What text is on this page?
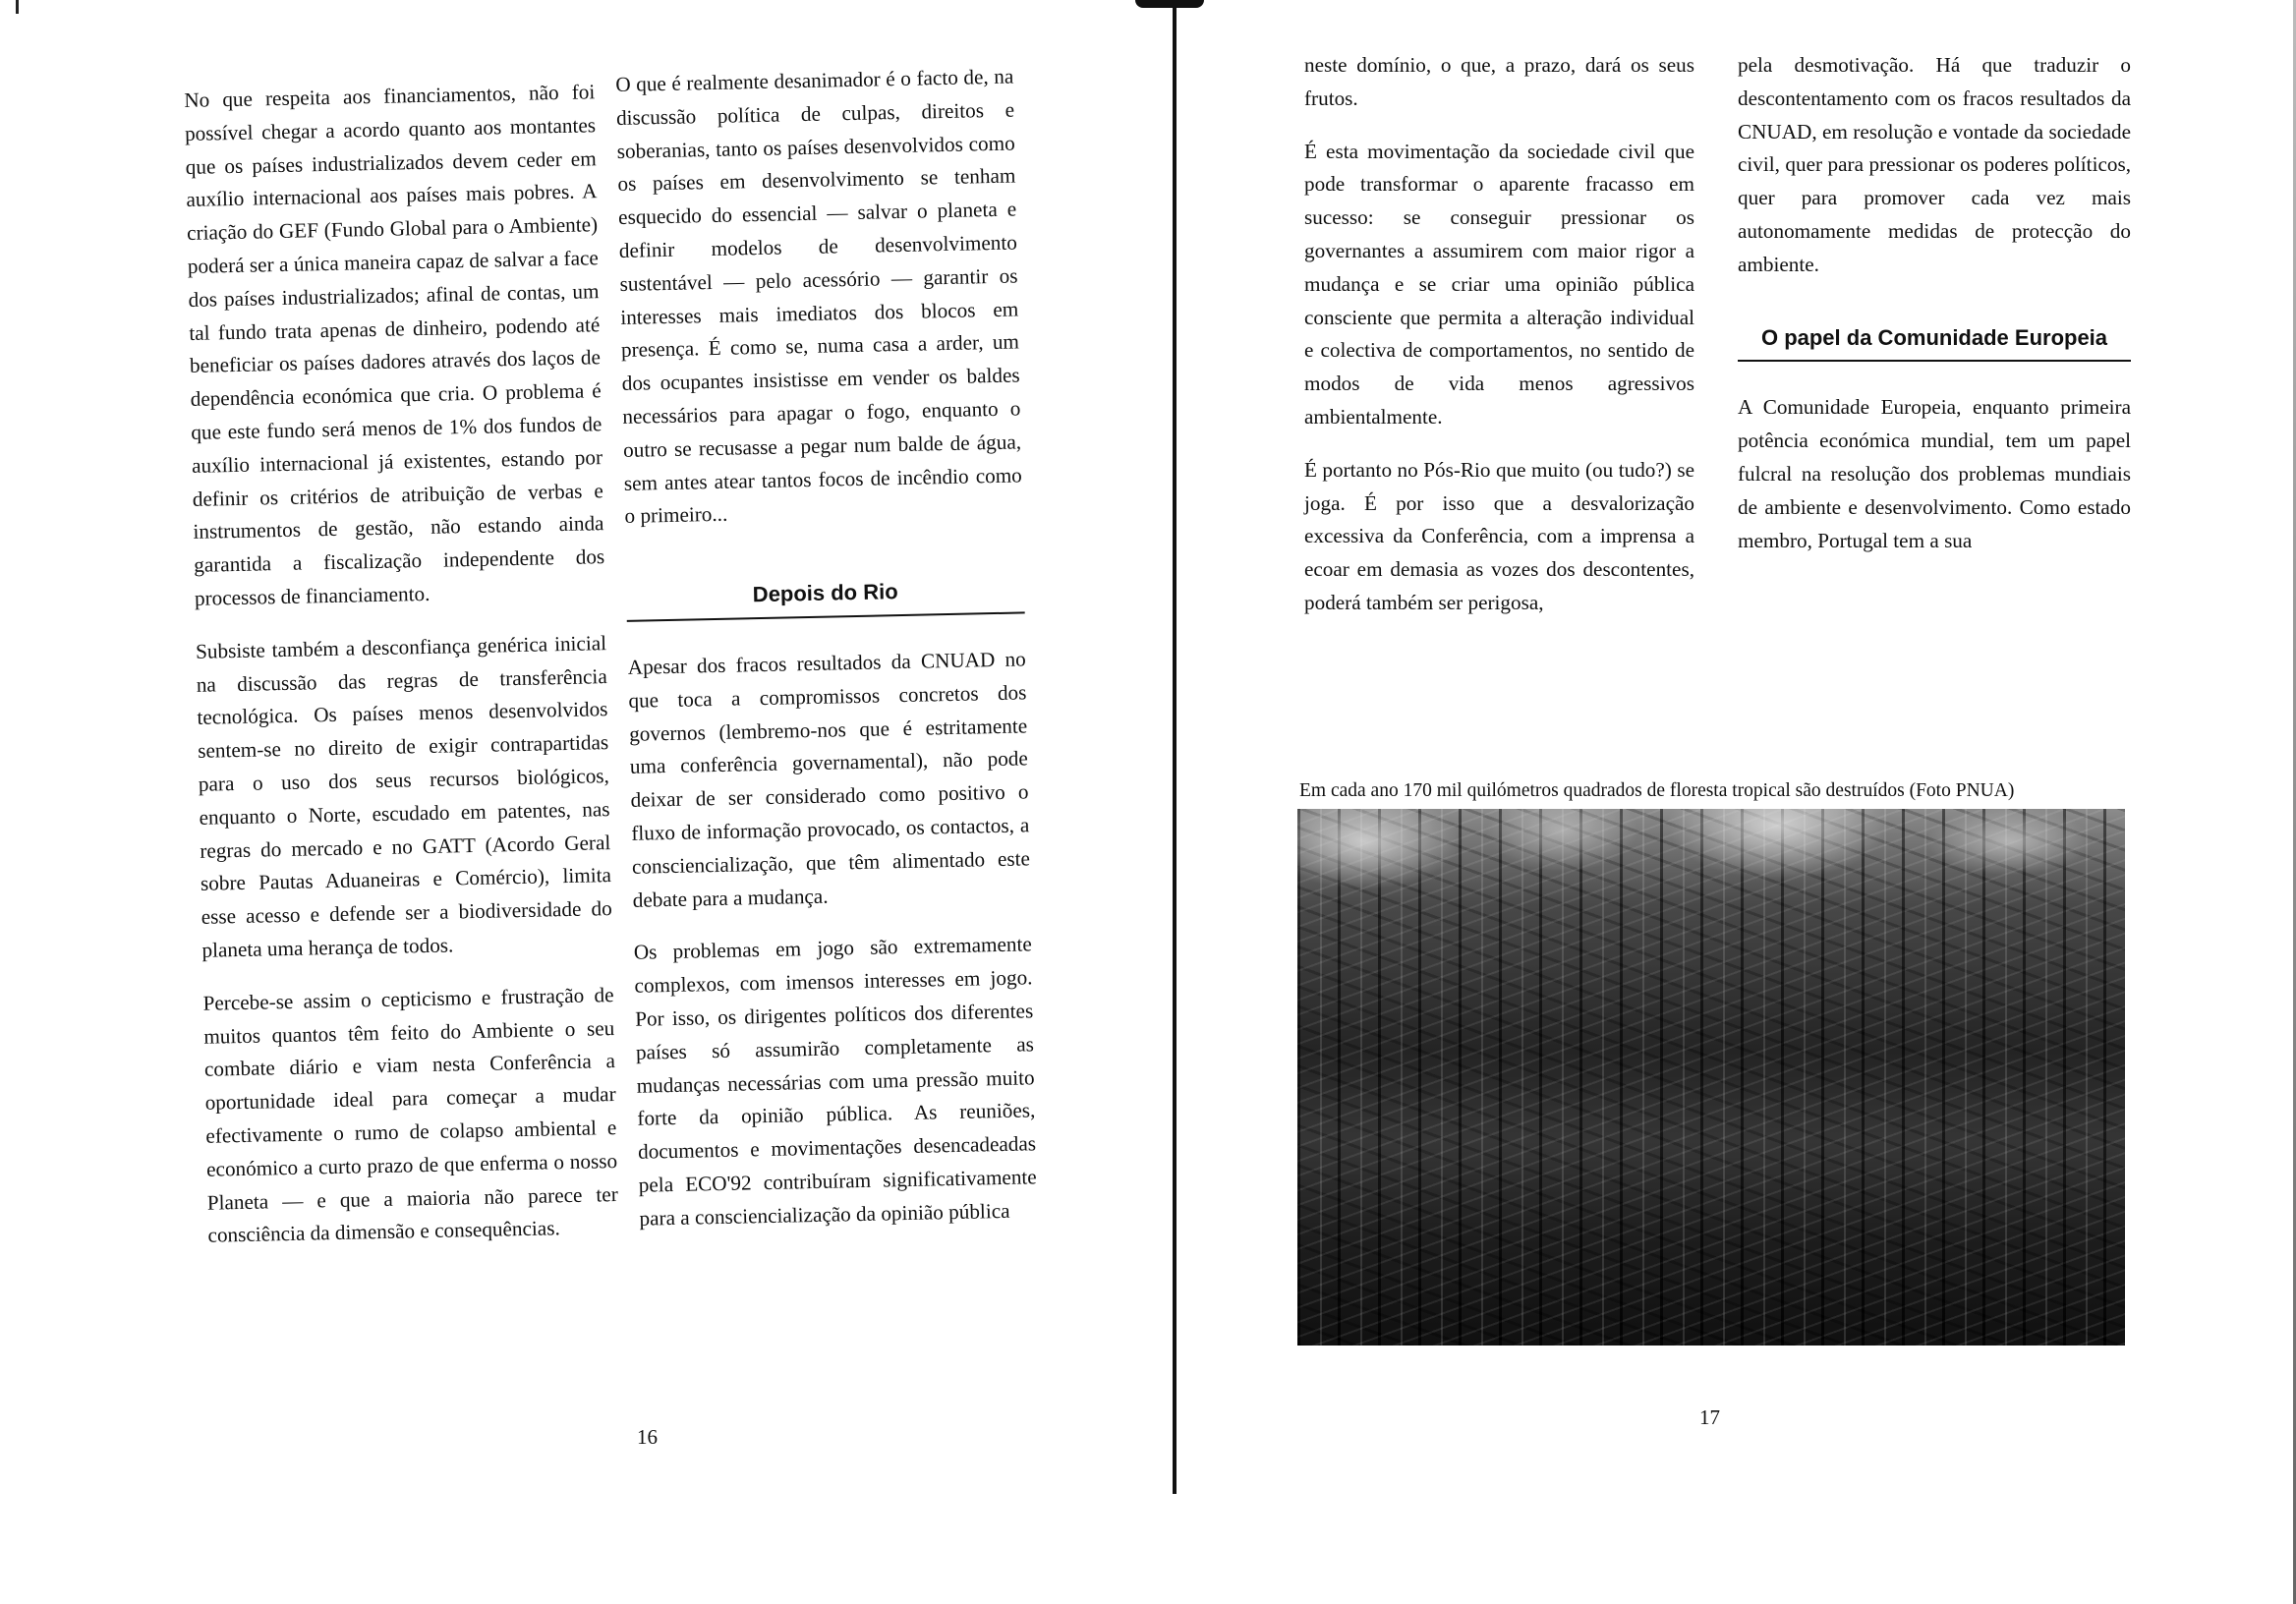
No que respeita aos financiamentos, não foi possível chegar a acordo quanto aos montantes que os países industrializados devem ceder em auxílio internacional aos países mais pobres. A criação do GEF (Fundo Global para o Ambiente) poderá ser a única maneira capaz de salvar a face dos países industrializados; afinal de contas, um tal fundo trata apenas de dinheiro, podendo até beneficiar os países dadores através dos laços de dependência económica que cria. O problema é que este fundo será menos de 1% dos fundos de auxílio internacional já existentes, estando por definir os critérios de atribuição de verbas e instrumentos de gestão, não estando ainda garantida a fiscalização independente dos processos de financiamento.

Subsiste também a desconfiança genérica inicial na discussão das regras de transferência tecnológica. Os países menos desenvolvidos sentem-se no direito de exigir contrapartidas para o uso dos seus recursos biológicos, enquanto o Norte, escudado em patentes, nas regras do mercado e no GATT (Acordo Geral sobre Pautas Aduaneiras e Comércio), limita esse acesso e defende ser a biodiversidade do planeta uma herança de todos.

Percebe-se assim o cepticismo e frustração de muitos quantos têm feito do Ambiente o seu combate diário e viam nesta Conferência a oportunidade ideal para começar a mudar efectivamente o rumo de colapso ambiental e económico a curto prazo de que enferma o nosso Planeta — e que a maioria não parece ter consciência da dimensão e consequências.

O que é realmente desanimador é o facto de, na discussão política de culpas, direitos e soberanias, tanto os países desenvolvidos como os países em desenvolvimento se tenham esquecido do essencial — salvar o planeta e definir modelos de desenvolvimento sustentável — pelo acessório — garantir os interesses mais imediatos dos blocos em presença. É como se, numa casa a arder, um dos ocupantes insistisse em vender os baldes necessários para apagar o fogo, enquanto o outro se recusasse a pegar num balde de água, sem antes atear tantos focos de incêndio como o primeiro...

Depois do Rio

Apesar dos fracos resultados da CNUAD no que toca a compromissos concretos dos governos (lembremo-nos que é estritamente uma conferência governamental), não pode deixar de ser considerado como positivo o fluxo de informação provocado, os contactos, a consciencialização, que têm alimentado este debate para a mudança.

Os problemas em jogo são extremamente complexos, com imensos interesses em jogo. Por isso, os dirigentes políticos dos diferentes países só assumirão completamente as mudanças necessárias com uma pressão muito forte da opinião pública. As reuniões, documentos e movimentações desencadeadas pela ECO'92 contribuíram significativamente para a consciencialização da opinião pública

16

neste domínio, o que, a prazo, dará os seus frutos.

É esta movimentação da sociedade civil que pode transformar o aparente fracasso em sucesso: se conseguir pressionar os governantes a assumirem com maior rigor a mudança e se criar uma opinião pública consciente que permita a alteração individual e colectiva de comportamentos, no sentido de modos de vida menos agressivos ambientalmente.

É portanto no Pós-Rio que muito (ou tudo?) se joga. É por isso que a desvalorização excessiva da Conferência, com a imprensa a ecoar em demasia as vozes dos descontentes, poderá também ser perigosa,

pela desmotivação. Há que traduzir o descontentamento com os fracos resultados da CNUAD, em resolução e vontade da sociedade civil, quer para pressionar os poderes políticos, quer para promover cada vez mais autonomamente medidas de protecção do ambiente.

O papel da Comunidade Europeia

A Comunidade Europeia, enquanto primeira potência económica mundial, tem um papel fulcral na resolução dos problemas mundiais de ambiente e desenvolvimento. Como estado membro, Portugal tem a sua

Em cada ano 170 mil quilómetros quadrados de floresta tropical são destruídos (Foto PNUA)
17
